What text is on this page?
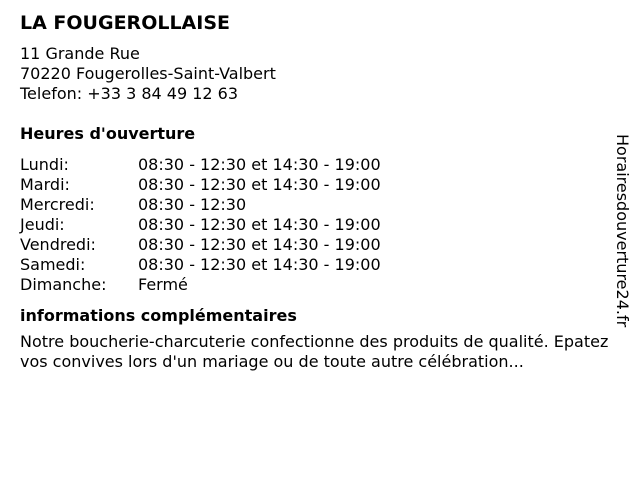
LA FOUGEROLLAISE
11 Grande Rue
70220 Fougerolles-Saint-Valbert
Telefon: +33 3 84 49 12 63
Heures d'ouverture
Lundi:	08:30 - 12:30 et 14:30 - 19:00
Mardi:	08:30 - 12:30 et 14:30 - 19:00
Mercredi:	08:30 - 12:30
Jeudi:	08:30 - 12:30 et 14:30 - 19:00
Vendredi:	08:30 - 12:30 et 14:30 - 19:00
Samedi:	08:30 - 12:30 et 14:30 - 19:00
Dimanche:	Fermé
informations complémentaires
Notre boucherie-charcuterie confectionne des produits de qualité. Epatez vos convives lors d'un mariage ou de toute autre célébration...
Horairesdouverture24.fr
